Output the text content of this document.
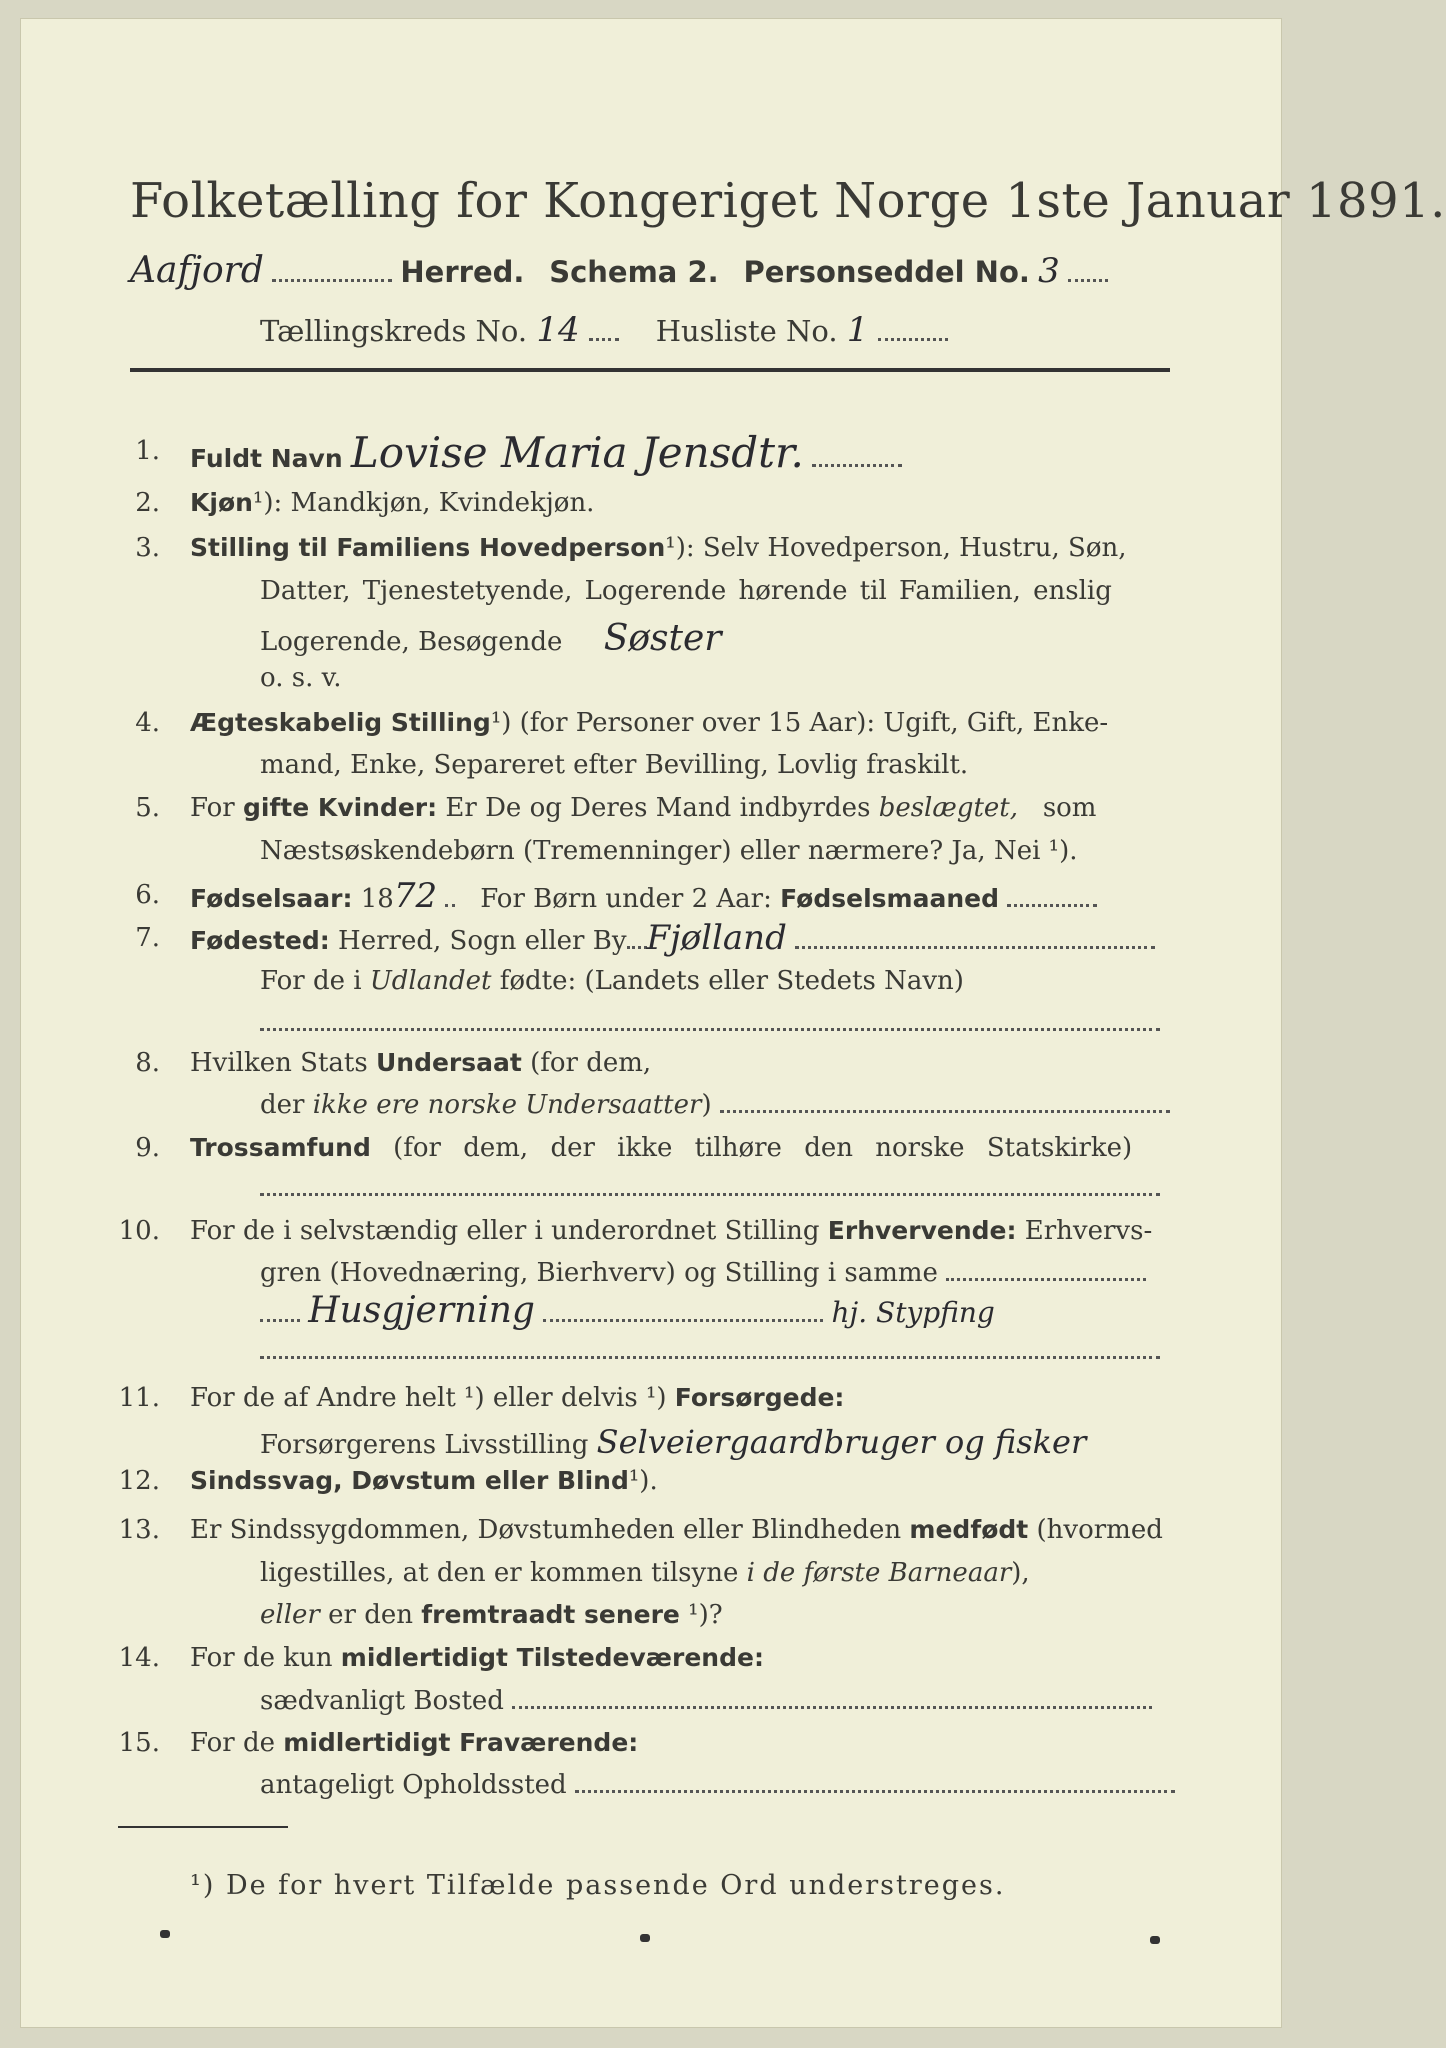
Folketælling for Kongeriget Norge 1ste Januar 1891.
Aafjord	Herred. Schema 2. Personseddel No. 3
Tællingskreds No. 14	Husliste No. 1
1. Fuldt Navn Lovise Maria Jensdtr.
2. Kjøn¹): Mandkjøn, Kvindekjøn.
3. Stilling til Familiens Hovedperson¹): Selv Hovedperson, Hustru, Søn,
Datter, Tjenestetyende, Logerende hørende til Familien, enslig
Logerende, Besøgende Søster
o. s. v.
4. Ægteskabelig Stilling¹) (for Personer over 15 Aar): Ugift, Gift, Enke-
mand, Enke, Separeret efter Bevilling, Lovlig fraskilt.
5. For gifte Kvinder: Er De og Deres Mand indbyrdes beslægtet, som
Næstsøskendebørn (Tremenninger) eller nærmere? Ja, Nei ¹).
6. Fødselsaar: 1872 For Børn under 2 Aar: Fødselsmaaned
7. Fødested: Herred, Sogn eller By Fjølland
For de i Udlandet fødte: (Landets eller Stedets Navn)
8. Hvilken Stats Undersaat (for dem,
der ikke ere norske Undersaatter)
9. Trossamfund (for dem, der ikke tilhøre den norske Statskirke)
10. For de i selvstændig eller i underordnet Stilling Erhvervende: Erhvervs-
gren (Hovednæring, Bierhverv) og Stilling i samme
Husgjerning	hj. Stypfing
11. For de af Andre helt ¹) eller delvis ¹) Forsørgede:
Forsørgerens Livsstilling Selveiergaardbruger og fisker
12. Sindssvag, Døvstum eller Blind¹).
13. Er Sindssygdommen, Døvstumheden eller Blindheden medfødt (hvormed
ligestilles, at den er kommen tilsyne i de første Barneaar),
eller er den fremtraadt senere ¹)?
14. For de kun midlertidigt Tilstedeværende:
sædvanligt Bosted
15. For de midlertidigt Fraværende:
antageligt Opholdssted
¹) De for hvert Tilfælde passende Ord understreges.
